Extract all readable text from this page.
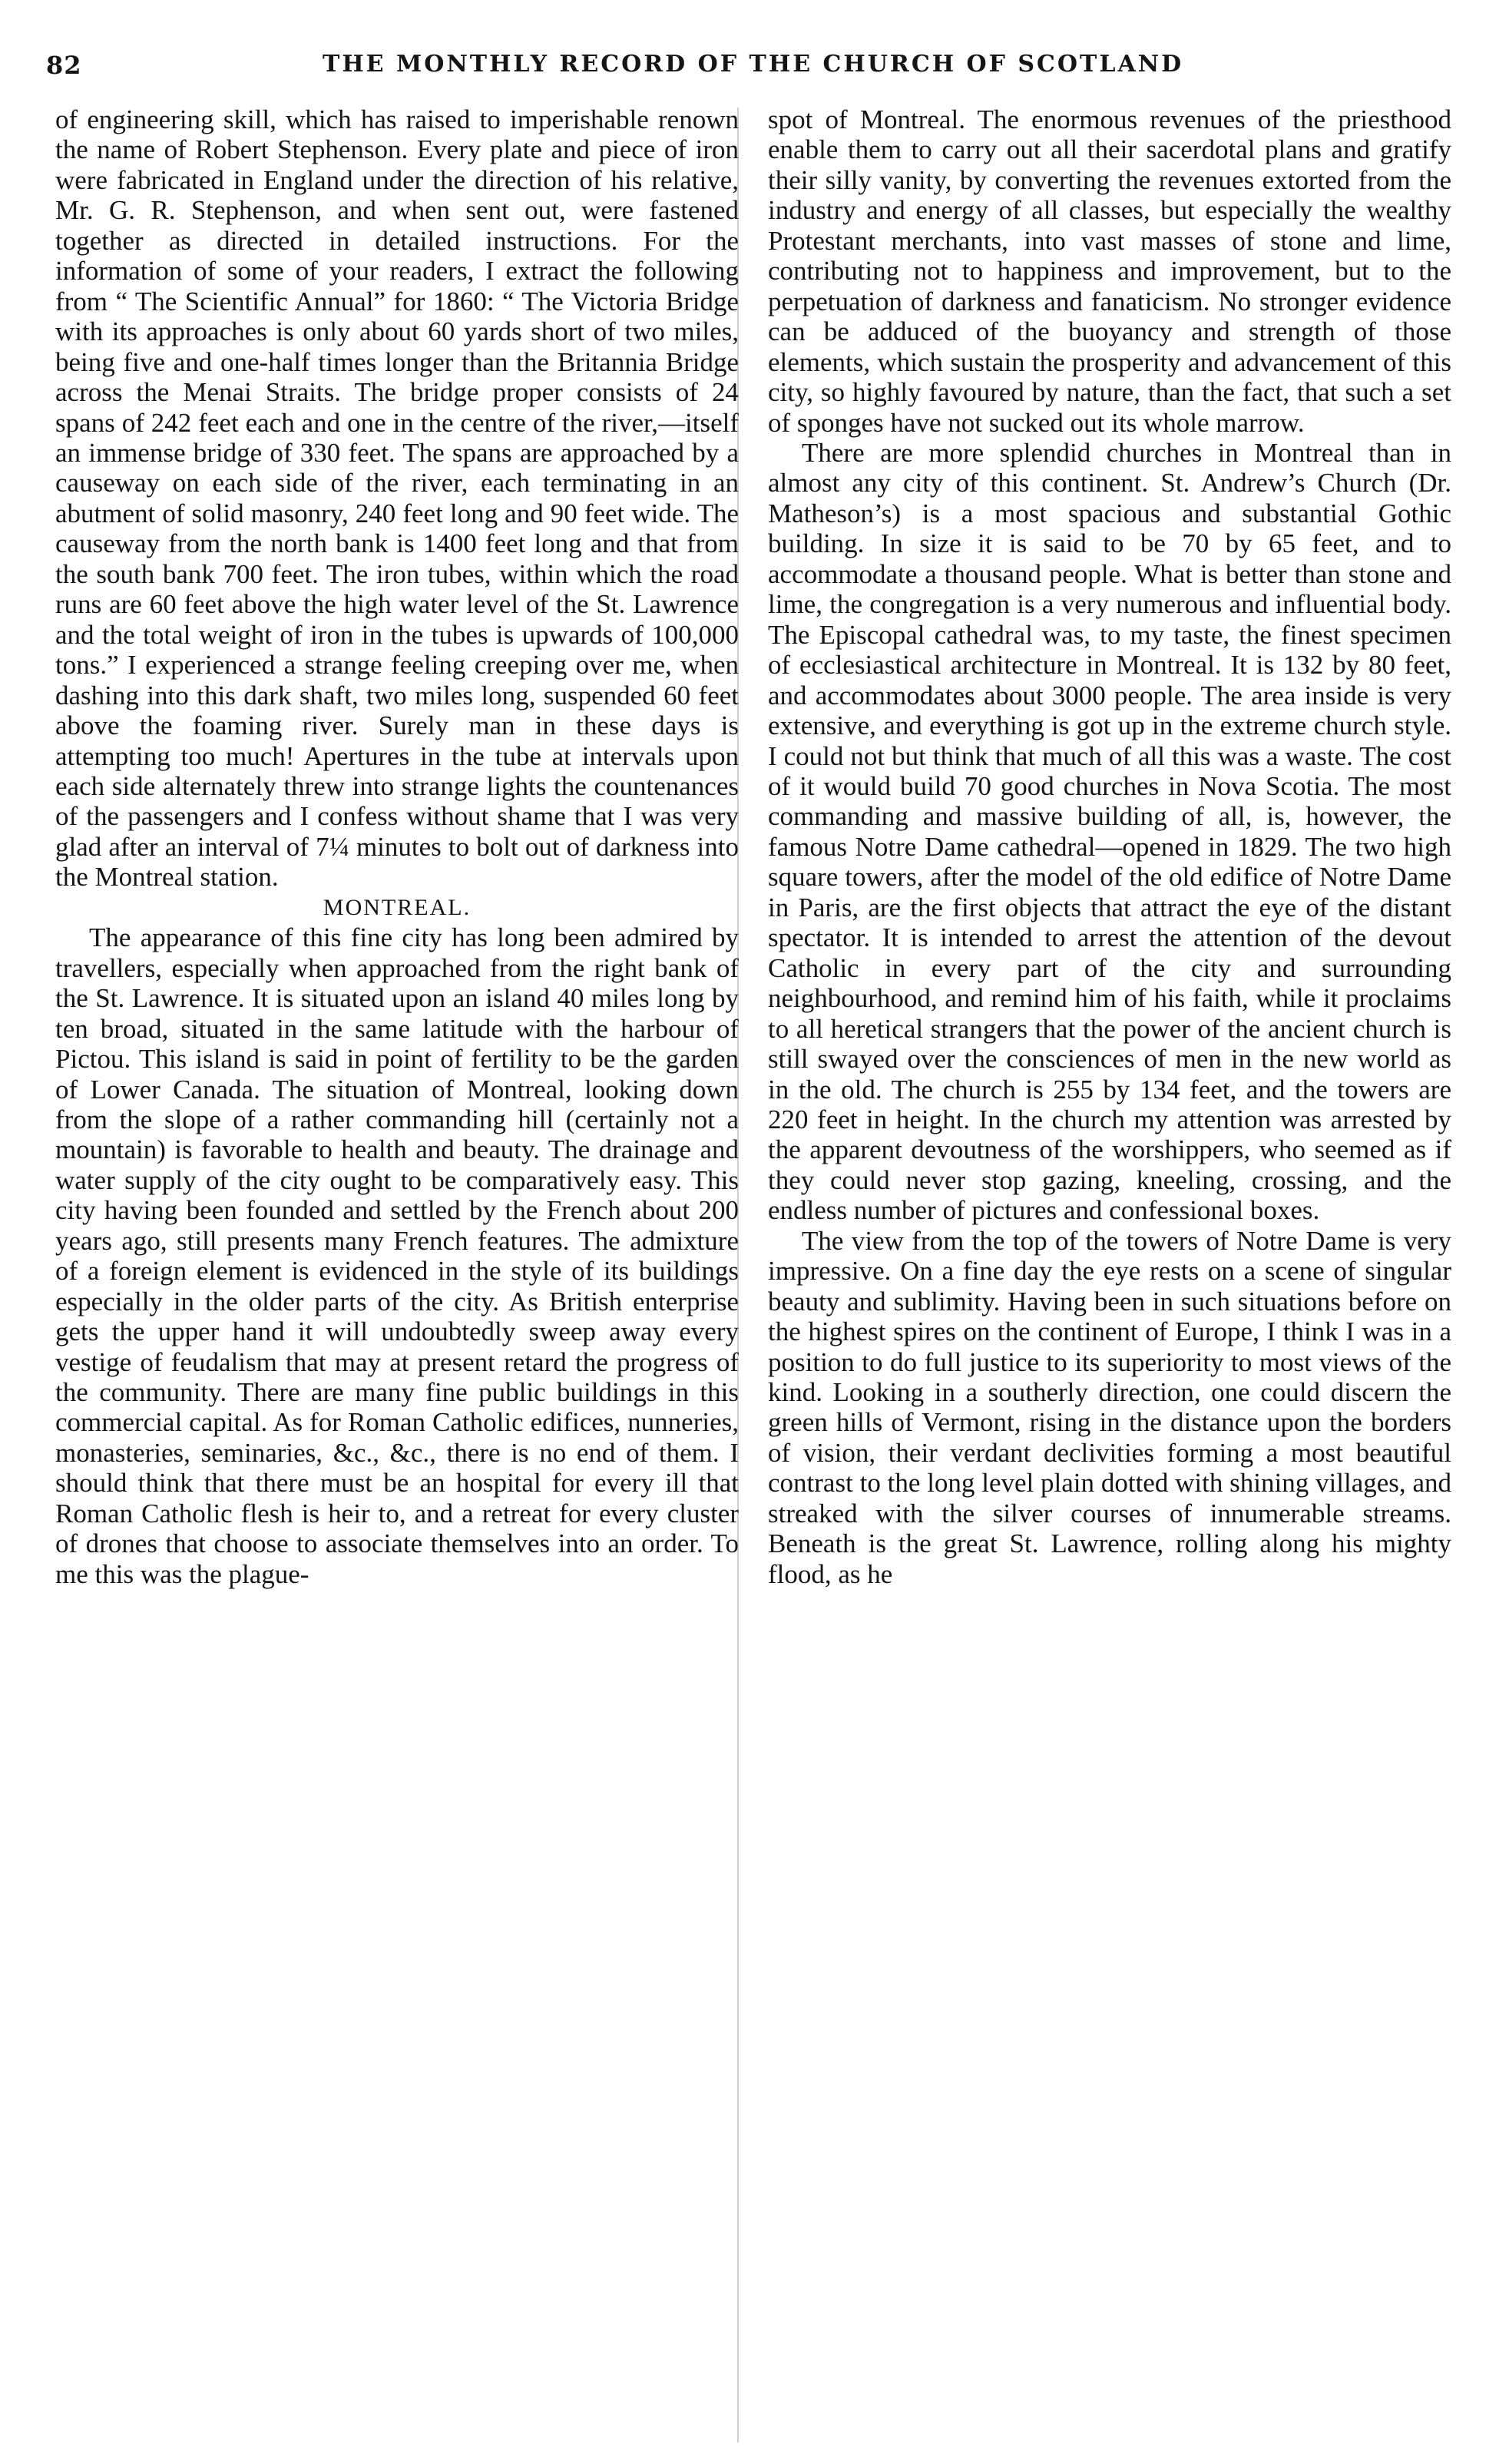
82	THE MONTHLY RECORD OF THE CHURCH OF SCOTLAND

of engineering skill, which has raised to imperishable renown the name of Robert Stephenson. Every plate and piece of iron were fabricated in England under the direction of his relative, Mr. G. R. Stephenson, and when sent out, were fastened together as directed in detailed instructions. For the information of some of your readers, I extract the following from “ The Scientific Annual” for 1860: “ The Victoria Bridge with its approaches is only about 60 yards short of two miles, being five and one-half times longer than the Britannia Bridge across the Menai Straits. The bridge proper consists of 24 spans of 242 feet each and one in the centre of the river,—itself an immense bridge of 330 feet. The spans are approached by a causeway on each side of the river, each terminating in an abutment of solid masonry, 240 feet long and 90 feet wide. The causeway from the north bank is 1400 feet long and that from the south bank 700 feet. The iron tubes, within which the road runs are 60 feet above the high water level of the St. Lawrence and the total weight of iron in the tubes is upwards of 100,000 tons.” I experienced a strange feeling creeping over me, when dashing into this dark shaft, two miles long, suspended 60 feet above the foaming river. Surely man in these days is attempting too much! Apertures in the tube at intervals upon each side alternately threw into strange lights the countenances of the passengers and I confess without shame that I was very glad after an interval of 7¼ minutes to bolt out of darkness into the Montreal station.

MONTREAL.

The appearance of this fine city has long been admired by travellers, especially when approached from the right bank of the St. Lawrence. It is situated upon an island 40 miles long by ten broad, situated in the same latitude with the harbour of Pictou. This island is said in point of fertility to be the garden of Lower Canada. The situation of Montreal, looking down from the slope of a rather commanding hill (certainly not a mountain) is favorable to health and beauty. The drainage and water supply of the city ought to be comparatively easy. This city having been founded and settled by the French about 200 years ago, still presents many French features. The admixture of a foreign element is evidenced in the style of its buildings especially in the older parts of the city. As British enterprise gets the upper hand it will undoubtedly sweep away every vestige of feudalism that may at present retard the progress of the community. There are many fine public buildings in this commercial capital. As for Roman Catholic edifices, nunneries, monasteries, seminaries, &c., &c., there is no end of them. I should think that there must be an hospital for every ill that Roman Catholic flesh is heir to, and a retreat for every cluster of drones that choose to associate themselves into an order. To me this was the plague-

spot of Montreal. The enormous revenues of the priesthood enable them to carry out all their sacerdotal plans and gratify their silly vanity, by converting the revenues extorted from the industry and energy of all classes, but especially the wealthy Protestant merchants, into vast masses of stone and lime, contributing not to happiness and improvement, but to the perpetuation of darkness and fanaticism. No stronger evidence can be adduced of the buoyancy and strength of those elements, which sustain the prosperity and advancement of this city, so highly favoured by nature, than the fact, that such a set of sponges have not sucked out its whole marrow.

There are more splendid churches in Montreal than in almost any city of this continent. St. Andrew’s Church (Dr. Matheson’s) is a most spacious and substantial Gothic building. In size it is said to be 70 by 65 feet, and to accommodate a thousand people. What is better than stone and lime, the congregation is a very numerous and influential body. The Episcopal cathedral was, to my taste, the finest specimen of ecclesiastical architecture in Montreal. It is 132 by 80 feet, and accommodates about 3000 people. The area inside is very extensive, and everything is got up in the extreme church style. I could not but think that much of all this was a waste. The cost of it would build 70 good churches in Nova Scotia. The most commanding and massive building of all, is, however, the famous Notre Dame cathedral—opened in 1829. The two high square towers, after the model of the old edifice of Notre Dame in Paris, are the first objects that attract the eye of the distant spectator. It is intended to arrest the attention of the devout Catholic in every part of the city and surrounding neighbourhood, and remind him of his faith, while it proclaims to all heretical strangers that the power of the ancient church is still swayed over the consciences of men in the new world as in the old. The church is 255 by 134 feet, and the towers are 220 feet in height. In the church my attention was arrested by the apparent devoutness of the worshippers, who seemed as if they could never stop gazing, kneeling, crossing, and the endless number of pictures and confessional boxes.

The view from the top of the towers of Notre Dame is very impressive. On a fine day the eye rests on a scene of singular beauty and sublimity. Having been in such situations before on the highest spires on the continent of Europe, I think I was in a position to do full justice to its superiority to most views of the kind. Looking in a southerly direction, one could discern the green hills of Vermont, rising in the distance upon the borders of vision, their verdant declivities forming a most beautiful contrast to the long level plain dotted with shining villages, and streaked with the silver courses of innumerable streams. Beneath is the great St. Lawrence, rolling along his mighty flood, as he
